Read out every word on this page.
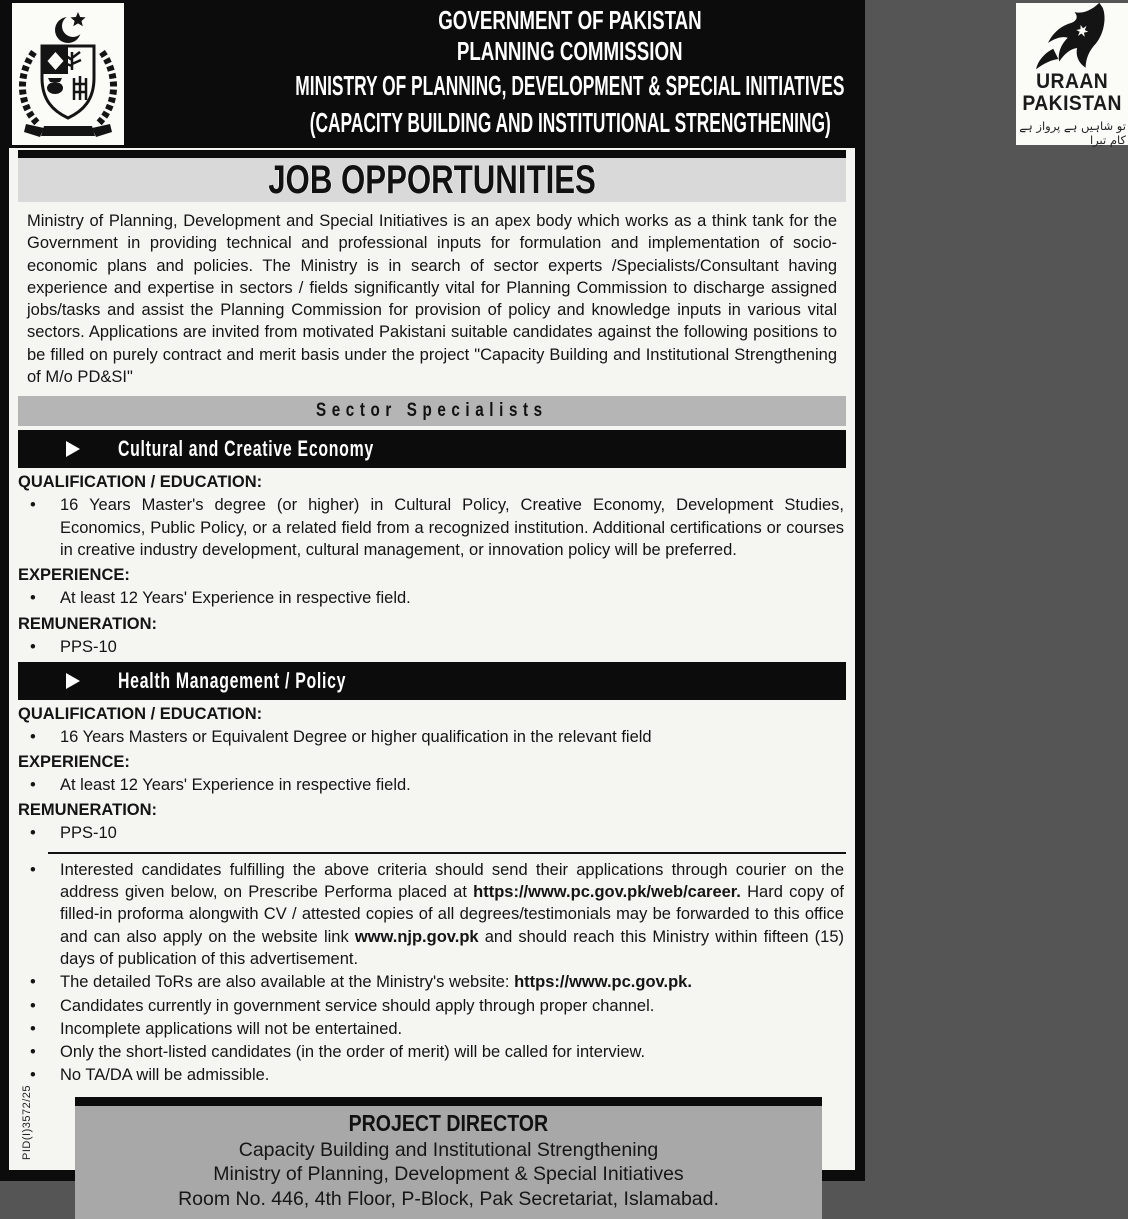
GOVERNMENT OF PAKISTAN
PLANNING COMMISSION
MINISTRY OF PLANNING, DEVELOPMENT & SPECIAL INITIATIVES
(CAPACITY BUILDING AND INSTITUTIONAL STRENGTHENING)
URAAN
PAKISTAN
تو شاہیں ہے پرواز ہے کام تیرا
JOB OPPORTUNITIES

Ministry of Planning, Development and Special Initiatives is an apex body which works as a think tank for the Government in providing technical and professional inputs for formulation and implementation of socio-economic plans and policies. The Ministry is in search of sector experts /Specialists/Consultant having experience and expertise in sectors / fields significantly vital for Planning Commission to discharge assigned jobs/tasks and assist the Planning Commission for provision of policy and knowledge inputs in various vital sectors. Applications are invited from motivated Pakistani suitable candidates against the following positions to be filled on purely contract and merit basis under the project "Capacity Building and Institutional Strengthening of M/o PD&SI"

Sector Specialists
Cultural and Creative Economy
QUALIFICATION / EDUCATION:
•	16 Years Master's degree (or higher) in Cultural Policy, Creative Economy, Development Studies, Economics, Public Policy, or a related field from a recognized institution. Additional certifications or courses in creative industry development, cultural management, or innovation policy will be preferred.
EXPERIENCE:
•	At least 12 Years' Experience in respective field.
REMUNERATION:
•	PPS-10
Health Management / Policy
QUALIFICATION / EDUCATION:
•	16 Years Masters or Equivalent Degree or higher qualification in the relevant field
EXPERIENCE:
•	At least 12 Years' Experience in respective field.
REMUNERATION:
•	PPS-10
•	Interested candidates fulfilling the above criteria should send their applications through courier on the address given below, on Prescribe Performa placed at https://www.pc.gov.pk/web/career. Hard copy of filled-in proforma alongwith CV / attested copies of all degrees/testimonials may be forwarded to this office and can also apply on the website link www.njp.gov.pk and should reach this Ministry within fifteen (15) days of publication of this advertisement.
•	The detailed ToRs are also available at the Ministry's website: https://www.pc.gov.pk.
•	Candidates currently in government service should apply through proper channel.
•	Incomplete applications will not be entertained.
•	Only the short-listed candidates (in the order of merit) will be called for interview.
•	No TA/DA will be admissible.
PROJECT DIRECTOR
Capacity Building and Institutional Strengthening
Ministry of Planning, Development & Special Initiatives
Room No. 446, 4th Floor, P-Block, Pak Secretariat, Islamabad.
PID(I)3572/25
